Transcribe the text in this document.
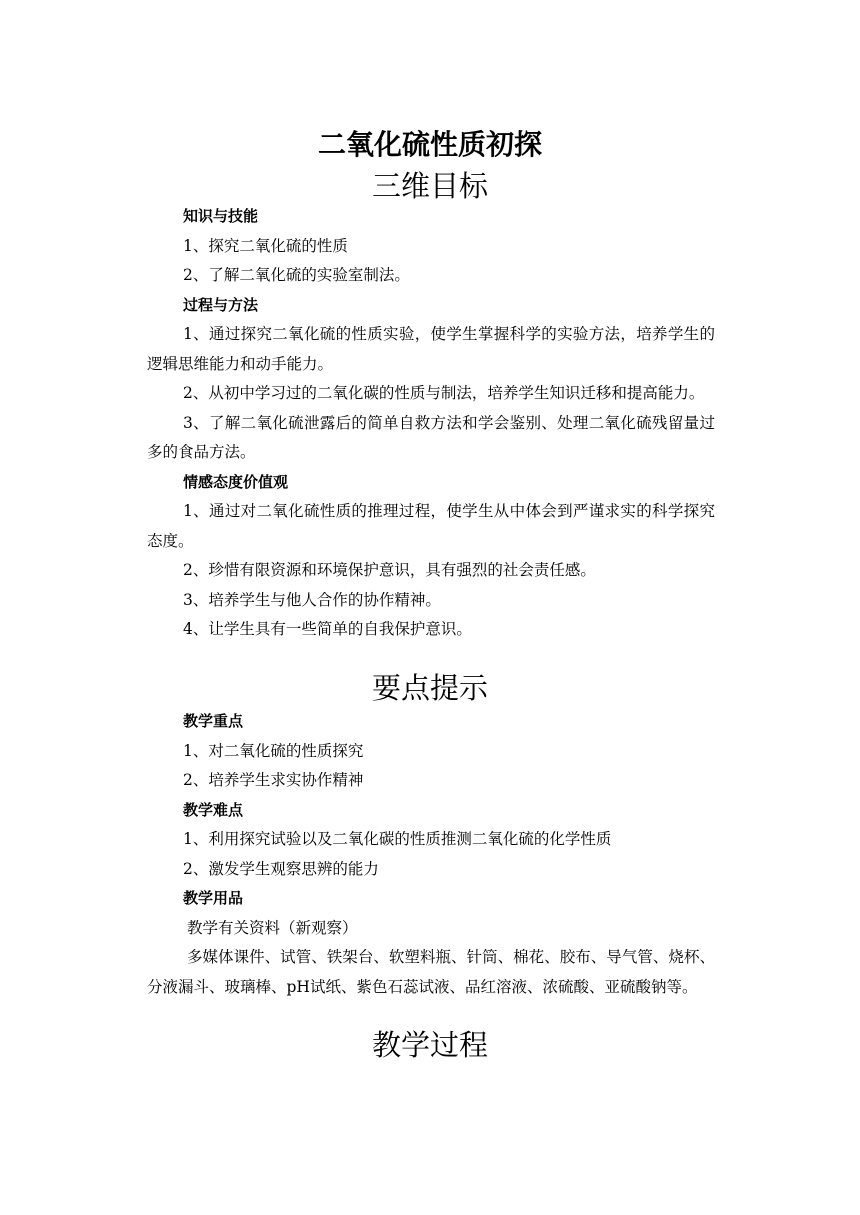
二氧化硫性质初探
三维目标

知识与技能

1、探究二氧化硫的性质

2、了解二氧化硫的实验室制法。

过程与方法

1、通过探究二氧化硫的性质实验，使学生掌握科学的实验方法，培养学生的逻辑思维能力和动手能力。

2、从初中学习过的二氧化碳的性质与制法，培养学生知识迁移和提高能力。

3、了解二氧化硫泄露后的简单自救方法和学会鉴别、处理二氧化硫残留量过多的食品方法。

情感态度价值观

1、通过对二氧化硫性质的推理过程，使学生从中体会到严谨求实的科学探究态度。

2、珍惜有限资源和环境保护意识，具有强烈的社会责任感。

3、培养学生与他人合作的协作精神。

4、让学生具有一些简单的自我保护意识。

要点提示

教学重点

1、对二氧化硫的性质探究

2、培养学生求实协作精神

教学难点

1、利用探究试验以及二氧化碳的性质推测二氧化硫的化学性质

2、激发学生观察思辨的能力

教学用品

教学有关资料（新观察）

多媒体课件、试管、铁架台、软塑料瓶、针筒、棉花、胶布、导气管、烧杯、分液漏斗、玻璃棒、pH试纸、紫色石蕊试液、品红溶液、浓硫酸、亚硫酸钠等。

教学过程
